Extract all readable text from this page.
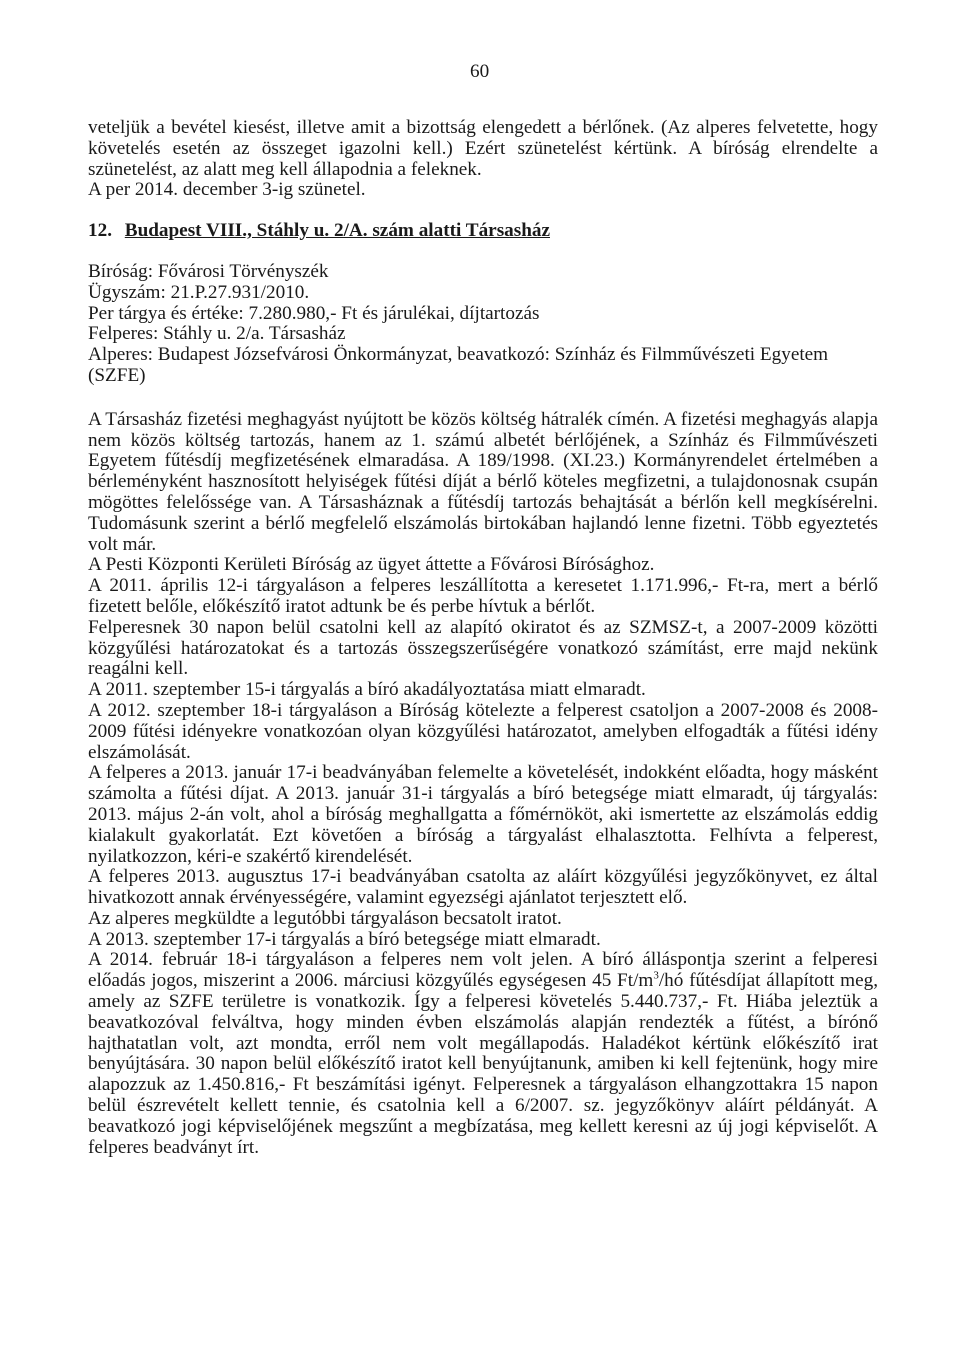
60

veteljük a bevétel kiesést, illetve amit a bizottság elengedett a bérlőnek. (Az alperes felvetette, hogy követelés esetén az összeget igazolni kell.) Ezért szünetelést kértünk. A bíróság elrendelte a szünetelést, az alatt meg kell állapodnia a feleknek.

A per 2014. december 3-ig szünetel.

12. Budapest VIII., Stáhly u. 2/A. szám alatti Társasház
Bíróság: Fővárosi Törvényszék
Ügyszám: 21.P.27.931/2010.
Per tárgya és értéke: 7.280.980,- Ft és járulékai, díjtartozás
Felperes: Stáhly u. 2/a. Társasház
Alperes: Budapest Józsefvárosi Önkormányzat, beavatkozó: Színház és Filmművészeti Egyetem (SZFE)

A Társasház fizetési meghagyást nyújtott be közös költség hátralék címén. A fizetési meghagyás alapja nem közös költség tartozás, hanem az 1. számú albetét bérlőjének, a Színház és Filmművészeti Egyetem fűtésdíj megfizetésének elmaradása. A 189/1998. (XI.23.) Kormányrendelet értelmében a bérleményként hasznosított helyiségek fűtési díját a bérlő köteles megfizetni, a tulajdonosnak csupán mögöttes felelőssége van. A Társasháznak a fűtésdíj tartozás behajtását a bérlőn kell megkísérelni. Tudomásunk szerint a bérlő megfelelő elszámolás birtokában hajlandó lenne fizetni. Több egyeztetés volt már.

A Pesti Központi Kerületi Bíróság az ügyet áttette a Fővárosi Bírósághoz.

A 2011. április 12-i tárgyaláson a felperes leszállította a keresetet 1.171.996,- Ft-ra, mert a bérlő fizetett belőle, előkészítő iratot adtunk be és perbe hívtuk a bérlőt.

Felperesnek 30 napon belül csatolni kell az alapító okiratot és az SZMSZ-t, a 2007-2009 közötti közgyűlési határozatokat és a tartozás összegszerűségére vonatkozó számítást, erre majd nekünk reagálni kell.

A 2011. szeptember 15-i tárgyalás a bíró akadályoztatása miatt elmaradt.

A 2012. szeptember 18-i tárgyaláson a Bíróság kötelezte a felperest csatoljon a 2007-2008 és 2008-2009 fűtési idényekre vonatkozóan olyan közgyűlési határozatot, amelyben elfogadták a fűtési idény elszámolását.

A felperes a 2013. január 17-i beadványában felemelte a követelését, indokként előadta, hogy másként számolta a fűtési díjat. A 2013. január 31-i tárgyalás a bíró betegsége miatt elmaradt, új tárgyalás: 2013. május 2-án volt, ahol a bíróság meghallgatta a főmérnököt, aki ismertette az elszámolás eddig kialakult gyakorlatát. Ezt követően a bíróság a tárgyalást elhalasztotta. Felhívta a felperest, nyilatkozzon, kéri-e szakértő kirendelését.

A felperes 2013. augusztus 17-i beadványában csatolta az aláírt közgyűlési jegyzőkönyvet, ez által hivatkozott annak érvényességére, valamint egyezségi ajánlatot terjesztett elő.

Az alperes megküldte a legutóbbi tárgyaláson becsatolt iratot.

A 2013. szeptember 17-i tárgyalás a bíró betegsége miatt elmaradt.

A 2014. február 18-i tárgyaláson a felperes nem volt jelen. A bíró álláspontja szerint a felperesi előadás jogos, miszerint a 2006. márciusi közgyűlés egységesen 45 $Ft/m^3/hó$ fűtésdíjat állapított meg, amely az SZFE területre is vonatkozik. Így a felperesi követelés 5.440.737,- Ft. Hiába jeleztük a beavatkozóval felváltva, hogy minden évben elszámolás alapján rendezték a fűtést, a bírónő hajthatatlan volt, azt mondta, erről nem volt megállapodás. Haladékot kértünk előkészítő irat benyújtására. 30 napon belül előkészítő iratot kell benyújtanunk, amiben ki kell fejtenünk, hogy mire alapozzuk az 1.450.816,- Ft beszámítási igényt. Felperesnek a tárgyaláson elhangzottakra 15 napon belül észrevételt kellett tennie, és csatolnia kell a 6/2007. sz. jegyzőkönyv aláírt példányát. A beavatkozó jogi képviselőjének megszűnt a megbízatása, meg kellett keresni az új jogi képviselőt. A felperes beadványt írt.
